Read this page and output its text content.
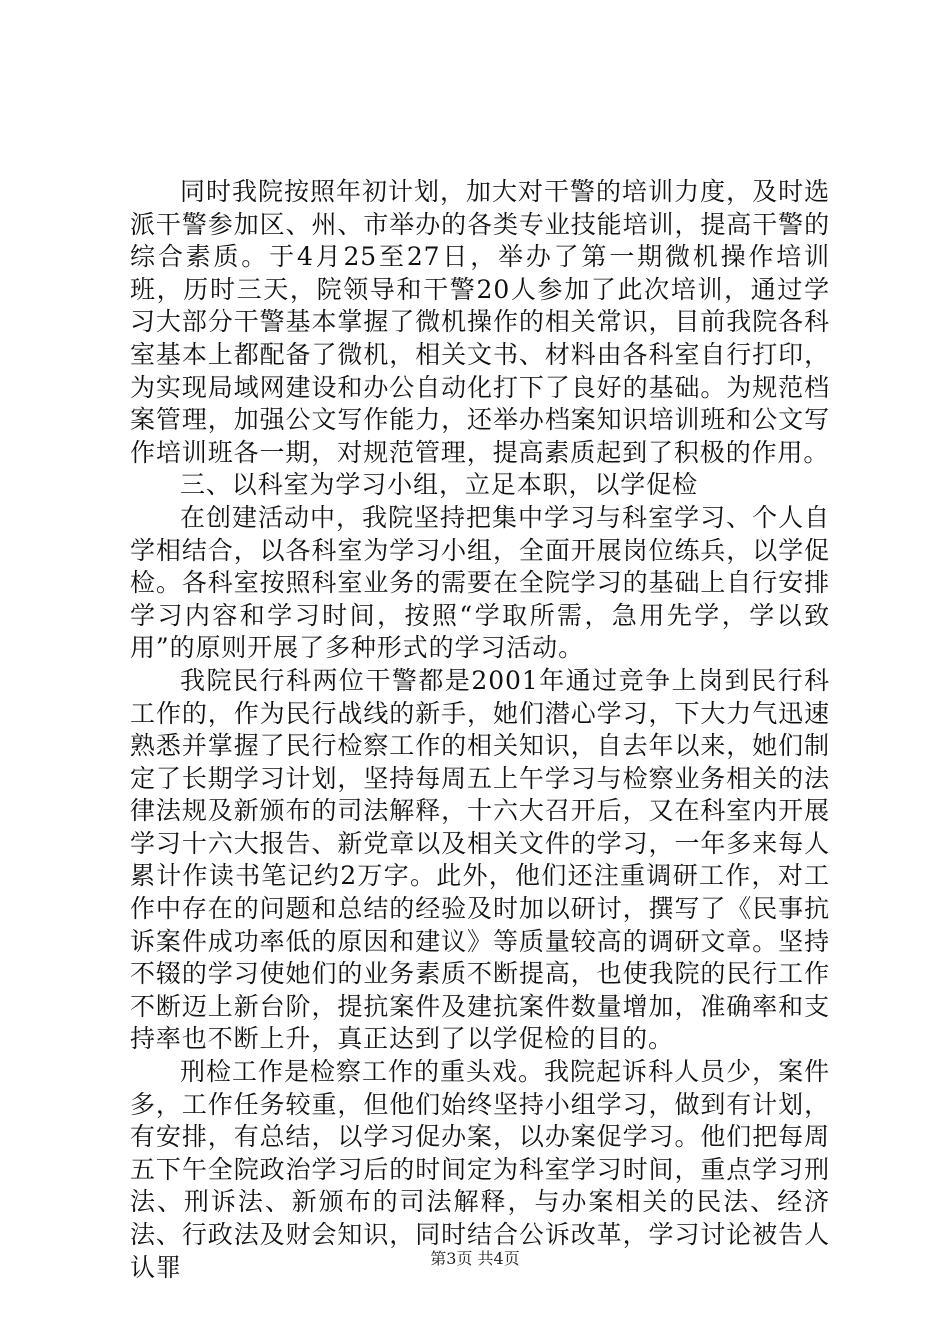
同时我院按照年初计划，加大对干警的培训力度，及时选派干警参加区、州、市举办的各类专业技能培训，提高干警的综合素质。于4月25至27日，举办了第一期微机操作培训班，历时三天，院领导和干警20人参加了此次培训，通过学习大部分干警基本掌握了微机操作的相关常识，目前我院各科室基本上都配备了微机，相关文书、材料由各科室自行打印，为实现局域网建设和办公自动化打下了良好的基础。为规范档案管理，加强公文写作能力，还举办档案知识培训班和公文写作培训班各一期，对规范管理，提高素质起到了积极的作用。

三、以科室为学习小组，立足本职，以学促检

在创建活动中，我院坚持把集中学习与科室学习、个人自学相结合，以各科室为学习小组，全面开展岗位练兵，以学促检。各科室按照科室业务的需要在全院学习的基础上自行安排学习内容和学习时间，按照“学取所需，急用先学，学以致用”的原则开展了多种形式的学习活动。

我院民行科两位干警都是2001年通过竞争上岗到民行科工作的，作为民行战线的新手，她们潜心学习，下大力气迅速熟悉并掌握了民行检察工作的相关知识，自去年以来，她们制定了长期学习计划，坚持每周五上午学习与检察业务相关的法律法规及新颁布的司法解释，十六大召开后，又在科室内开展学习十六大报告、新党章以及相关文件的学习，一年多来每人累计作读书笔记约2万字。此外，他们还注重调研工作，对工作中存在的问题和总结的经验及时加以研讨，撰写了《民事抗诉案件成功率低的原因和建议》等质量较高的调研文章。坚持不辍的学习使她们的业务素质不断提高，也使我院的民行工作不断迈上新台阶，提抗案件及建抗案件数量增加，准确率和支持率也不断上升，真正达到了以学促检的目的。

刑检工作是检察工作的重头戏。我院起诉科人员少，案件多，工作任务较重，但他们始终坚持小组学习，做到有计划，有安排，有总结，以学习促办案，以办案促学习。他们把每周五下午全院政治学习后的时间定为科室学习时间，重点学习刑法、刑诉法、新颁布的司法解释，与办案相关的民法、经济法、行政法及财会知识，同时结合公诉改革，学习讨论被告人认罪	第3页 共4页
